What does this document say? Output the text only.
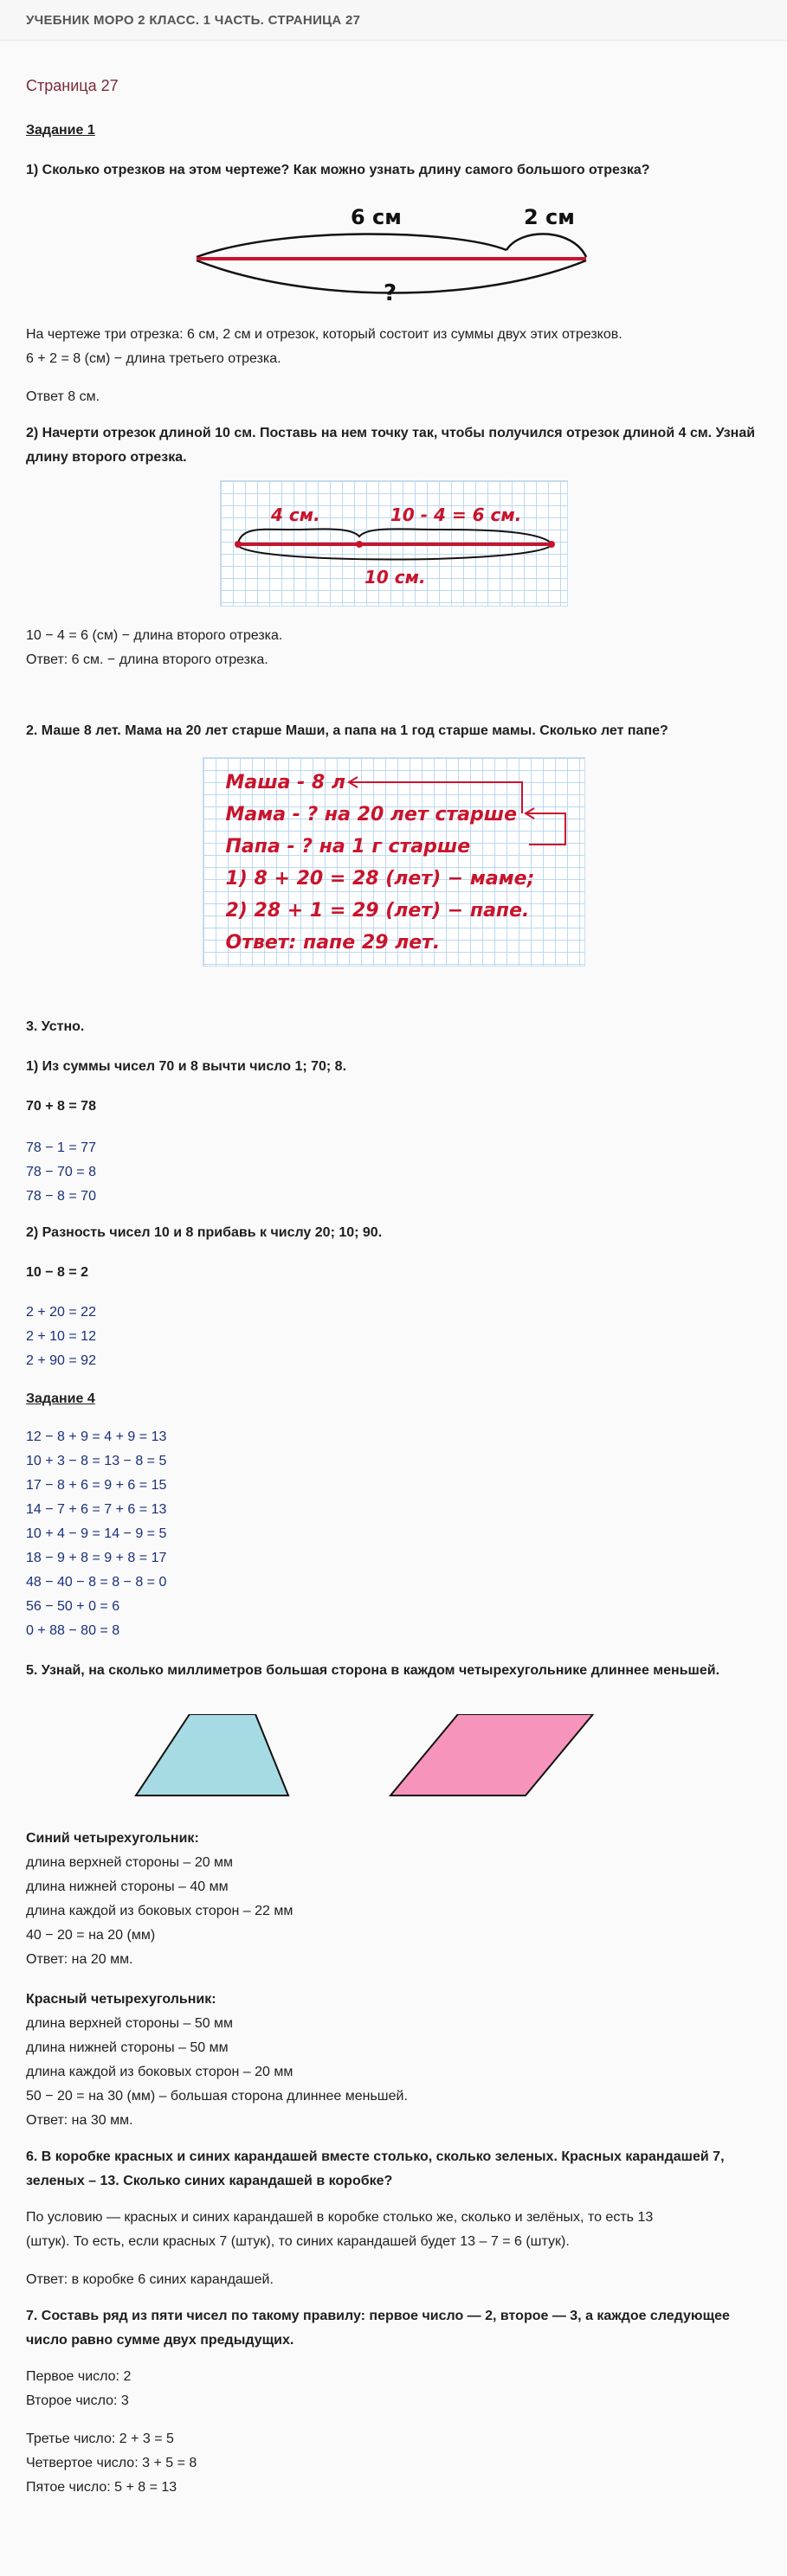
УЧЕБНИК МОРО 2 КЛАСС. 1 ЧАСТЬ. СТРАНИЦА 27
Страница 27
Задание 1
1) Сколько отрезков на этом чертеже? Как можно узнать длину самого большого отрезка?
6 см	2 см
?

На чертеже три отрезка: 6 см, 2 см и отрезок, который состоит из суммы двух этих отрезков.

6 + 2 = 8 (см) − длина третьего отрезка.

Ответ 8 см.

2) Начерти отрезок длиной 10 см. Поставь на нем точку так, чтобы получился отрезок длиной 4 см. Узнай длину второго отрезка.
4 см.	10 - 4 = 6 см.
10 см.

10 − 4 = 6 (см) − длина второго отрезка.

Ответ: 6 см. − длина второго отрезка.

2. Маше 8 лет. Мама на 20 лет старше Маши, а папа на 1 год старше мамы. Сколько лет папе?
Маша - 8 л
Мама - ? на 20 лет старше
Папа - ? на 1 г старше
1) 8 + 20 = 28 (лет) − маме;
2) 28 + 1 = 29 (лет) − папе.
Ответ: папе 29 лет.
3. Устно.
1) Из суммы чисел 70 и 8 вычти число 1; 70; 8.
70 + 8 = 78
78 − 1 = 77
78 − 70 = 8
78 − 8 = 70
2) Разность чисел 10 и 8 прибавь к числу 20; 10; 90.
10 − 8 = 2
2 + 20 = 22
2 + 10 = 12
2 + 90 = 92
Задание 4
12 − 8 + 9 = 4 + 9 = 13
10 + 3 − 8 = 13 − 8 = 5
17 − 8 + 6 = 9 + 6 = 15
14 − 7 + 6 = 7 + 6 = 13
10 + 4 − 9 = 14 − 9 = 5
18 − 9 + 8 = 9 + 8 = 17
48 − 40 − 8 = 8 − 8 = 0
56 − 50 + 0 = 6
0 + 88 − 80 = 8
5. Узнай, на сколько миллиметров большая сторона в каждом четырехугольнике длиннее меньшей.
Синий четырехугольник:
длина верхней стороны – 20 мм
длина нижней стороны – 40 мм
длина каждой из боковых сторон – 22 мм
40 − 20 = на 20 (мм)
Ответ: на 20 мм.
Красный четырехугольник:
длина верхней стороны – 50 мм
длина нижней стороны – 50 мм
длина каждой из боковых сторон – 20 мм
50 − 20 = на 30 (мм) – большая сторона длиннее меньшей.
Ответ: на 30 мм.
6. В коробке красных и синих карандашей вместе столько, сколько зеленых. Красных карандашей 7, зеленых – 13. Сколько синих карандашей в коробке?

По условию — красных и синих карандашей в коробке столько же, сколько и зелёных, то есть 13

(штук). То есть, если красных 7 (штук), то синих карандашей будет 13 – 7 = 6 (штук).

Ответ: в коробке 6 синих карандашей.

7. Составь ряд из пяти чисел по такому правилу: первое число — 2, второе — 3, а каждое следующее число равно сумме двух предыдущих.

Первое число: 2

Второе число: 3

Третье число: 2 + 3 = 5

Четвертое число: 3 + 5 = 8

Пятое число: 5 + 8 = 13
